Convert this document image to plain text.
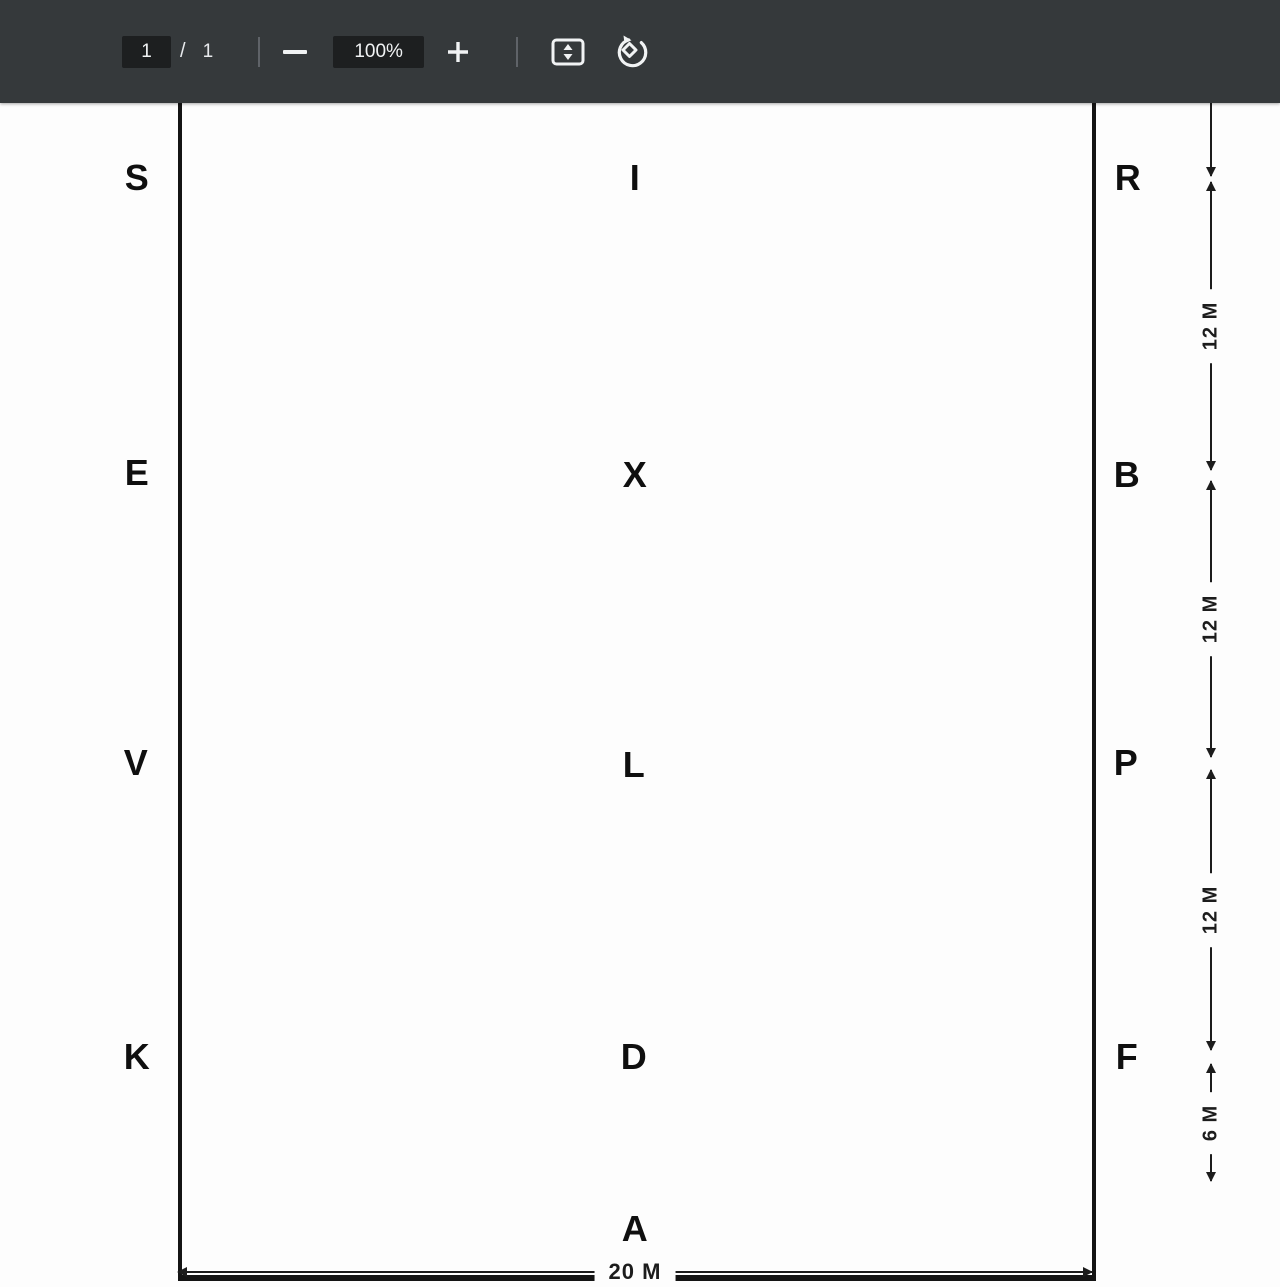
1
/ 1	100%
S
E
V
K
I
X
L
D
R
B
P
F
A
12 M
12 M
12 M
6 M
20 M
